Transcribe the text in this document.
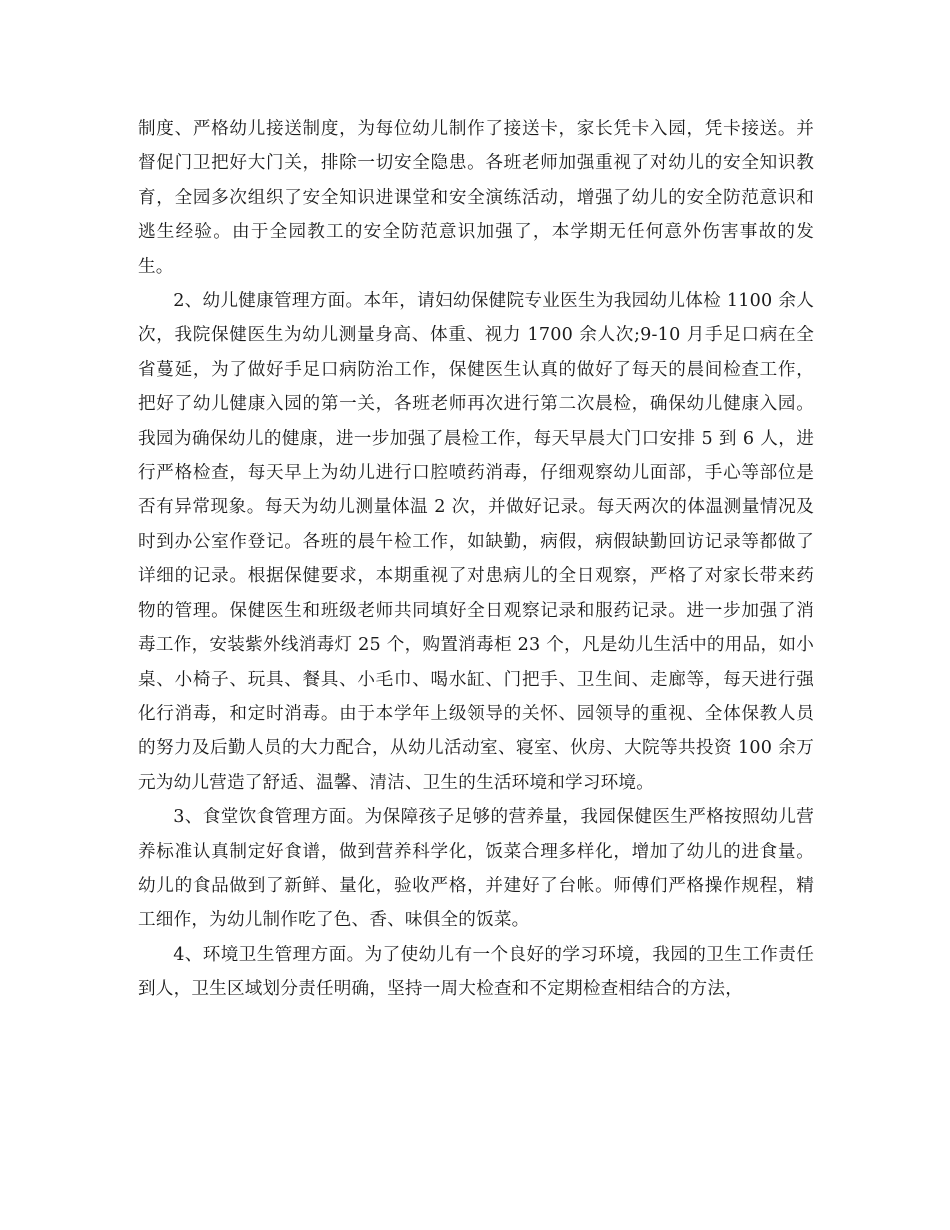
制度、严格幼儿接送制度，为每位幼儿制作了接送卡，家长凭卡入园，凭卡接送。并督促门卫把好大门关，排除一切安全隐患。各班老师加强重视了对幼儿的安全知识教育，全园多次组织了安全知识进课堂和安全演练活动，增强了幼儿的安全防范意识和逃生经验。由于全园教工的安全防范意识加强了，本学期无任何意外伤害事故的发生。

2、幼儿健康管理方面。本年，请妇幼保健院专业医生为我园幼儿体检 1100 余人次，我院保健医生为幼儿测量身高、体重、视力 1700 余人次;9-10 月手足口病在全省蔓延，为了做好手足口病防治工作，保健医生认真的做好了每天的晨间检查工作，把好了幼儿健康入园的第一关，各班老师再次进行第二次晨检，确保幼儿健康入园。我园为确保幼儿的健康，进一步加强了晨检工作，每天早晨大门口安排 5 到 6 人，进行严格检查，每天早上为幼儿进行口腔喷药消毒，仔细观察幼儿面部，手心等部位是否有异常现象。每天为幼儿测量体温 2 次，并做好记录。每天两次的体温测量情况及时到办公室作登记。各班的晨午检工作，如缺勤，病假，病假缺勤回访记录等都做了详细的记录。根据保健要求，本期重视了对患病儿的全日观察，严格了对家长带来药物的管理。保健医生和班级老师共同填好全日观察记录和服药记录。进一步加强了消毒工作，安装紫外线消毒灯 25 个，购置消毒柜 23 个，凡是幼儿生活中的用品，如小桌、小椅子、玩具、餐具、小毛巾、喝水缸、门把手、卫生间、走廊等，每天进行强化行消毒，和定时消毒。由于本学年上级领导的关怀、园领导的重视、全体保教人员的努力及后勤人员的大力配合，从幼儿活动室、寝室、伙房、大院等共投资 100 余万元为幼儿营造了舒适、温馨、清洁、卫生的生活环境和学习环境。

3、食堂饮食管理方面。为保障孩子足够的营养量，我园保健医生严格按照幼儿营养标准认真制定好食谱，做到营养科学化，饭菜合理多样化，增加了幼儿的进食量。幼儿的食品做到了新鲜、量化，验收严格，并建好了台帐。师傅们严格操作规程，精工细作，为幼儿制作吃了色、香、味俱全的饭菜。

4、环境卫生管理方面。为了使幼儿有一个良好的学习环境，我园的卫生工作责任到人，卫生区域划分责任明确，坚持一周大检查和不定期检查相结合的方法，
